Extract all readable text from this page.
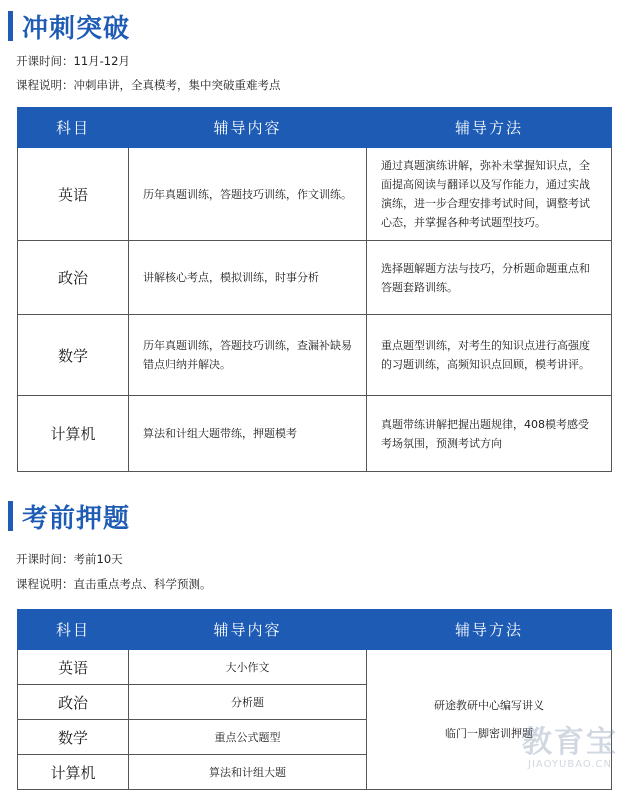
冲刺突破
开课时间：11月-12月
课程说明：冲刺串讲，全真模考，集中突破重难考点
科目	辅导内容	辅导方法
英语	历年真题训练，答题技巧训练，作文训练。	通过真题演练讲解，弥补未掌握知识点，全面提高阅读与翻译以及写作能力，通过实战演练，进一步合理安排考试时间，调整考试心态，并掌握各种考试题型技巧。
政治	讲解核心考点，模拟训练，时事分析	选择题解题方法与技巧，分析题命题重点和答题套路训练。
数学	历年真题训练，答题技巧训练，查漏补缺易错点归纳并解决。	重点题型训练，对考生的知识点进行高强度的习题训练，高频知识点回顾，模考讲评。
计算机	算法和计组大题带练，押题模考	真题带练讲解把握出题规律，408模考感受考场氛围，预测考试方向
考前押题
开课时间：考前10天
课程说明：直击重点考点、科学预测。
科目	辅导内容	辅导方法
英语	大小作文	研途教研中心编写讲义
临门一脚密训押题

政治	分析题	
数学	重点公式题型	
计算机	算法和计组大题	
教育宝
JIAOYUBAO.CN
